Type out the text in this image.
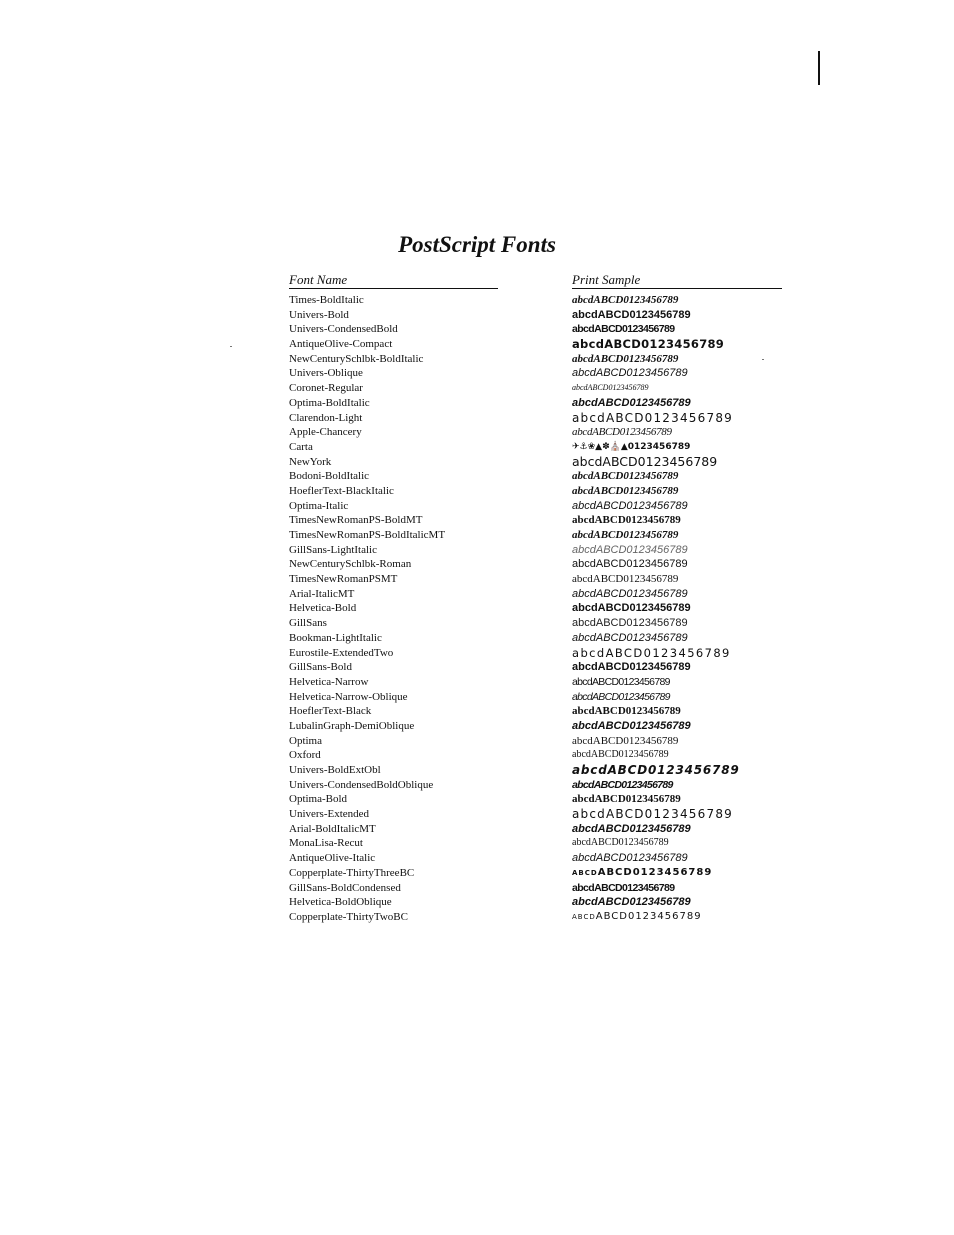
PostScript Fonts
Font Name	Print Sample
Times-BoldItalic
Univers-Bold
Univers-CondensedBold
AntiqueOlive-Compact
NewCenturySchlbk-BoldItalic
Univers-Oblique
Coronet-Regular
Optima-BoldItalic
Clarendon-Light
Apple-Chancery
Carta
NewYork
Bodoni-BoldItalic
HoeflerText-BlackItalic
Optima-Italic
TimesNewRomanPS-BoldMT
TimesNewRomanPS-BoldItalicMT
GillSans-LightItalic
NewCenturySchlbk-Roman
TimesNewRomanPSMT
Arial-ItalicMT
Helvetica-Bold
GillSans
Bookman-LightItalic
Eurostile-ExtendedTwo
GillSans-Bold
Helvetica-Narrow
Helvetica-Narrow-Oblique
HoeflerText-Black
LubalinGraph-DemiOblique
Optima
Oxford
Univers-BoldExtObl
Univers-CondensedBoldOblique
Optima-Bold
Univers-Extended
Arial-BoldItalicMT
MonaLisa-Recut
AntiqueOlive-Italic
Copperplate-ThirtyThreeBC
GillSans-BoldCondensed
Helvetica-BoldOblique
Copperplate-ThirtyTwoBC
abcdABCD0123456789
abcdABCD0123456789
abcdABCD0123456789
abcdABCD0123456789
abcdABCD0123456789
abcdABCD0123456789
abcdABCD0123456789
abcdABCD0123456789
abcdABCD0123456789
abcdABCD0123456789
✈⚓❀▲✽⛪▲0123456789
abcdABCD0123456789
abcdABCD0123456789
abcdABCD0123456789
abcdABCD0123456789
abcdABCD0123456789
abcdABCD0123456789
abcdABCD0123456789
abcdABCD0123456789
abcdABCD0123456789
abcdABCD0123456789
abcdABCD0123456789
abcdABCD0123456789
abcdABCD0123456789
abcdABCD0123456789
abcdABCD0123456789
abcdABCD0123456789
abcdABCD0123456789
abcdABCD0123456789
abcdABCD0123456789
abcdABCD0123456789
abcdABCD0123456789
abcdABCD0123456789
abcdABCD0123456789
abcdABCD0123456789
abcdABCD0123456789
abcdABCD0123456789
abcdABCD0123456789
abcdABCD0123456789
abcdABCD0123456789
abcdABCD0123456789
abcdABCD0123456789
abcdABCD0123456789
